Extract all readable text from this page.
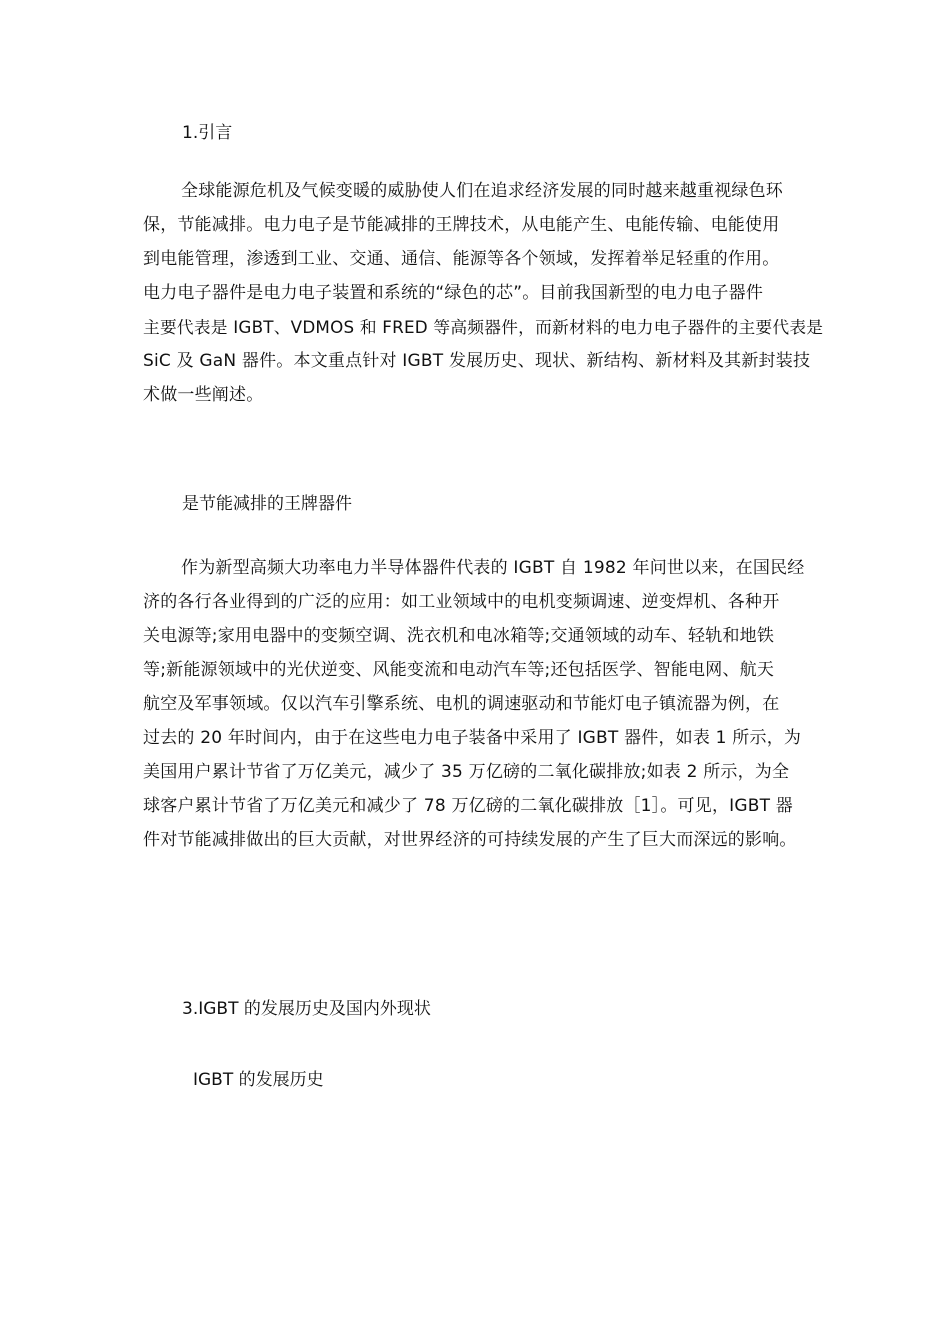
1.引言

全球能源危机及气候变暖的威胁使人们在追求经济发展的同时越来越重视绿色环
保，节能减排。电力电子是节能减排的王牌技术，从电能产生、电能传输、电能使用
到电能管理，渗透到工业、交通、通信、能源等各个领域，发挥着举足轻重的作用。
电力电子器件是电力电子装置和系统的“绿色的芯”。目前我国新型的电力电子器件
主要代表是 IGBT、VDMOS 和 FRED 等高频器件，而新材料的电力电子器件的主要代表是
SiC 及 GaN 器件。本文重点针对 IGBT 发展历史、现状、新结构、新材料及其新封装技
术做一些阐述。

是节能减排的王牌器件

作为新型高频大功率电力半导体器件代表的 IGBT 自 1982 年问世以来，在国民经
济的各行各业得到的广泛的应用：如工业领域中的电机变频调速、逆变焊机、各种开
关电源等;家用电器中的变频空调、洗衣机和电冰箱等;交通领域的动车、轻轨和地铁
等;新能源领域中的光伏逆变、风能变流和电动汽车等;还包括医学、智能电网、航天
航空及军事领域。仅以汽车引擎系统、电机的调速驱动和节能灯电子镇流器为例，在
过去的 20 年时间内，由于在这些电力电子装备中采用了 IGBT 器件，如表 1 所示，为
美国用户累计节省了万亿美元，减少了 35 万亿磅的二氧化碳排放;如表 2 所示，为全
球客户累计节省了万亿美元和减少了 78 万亿磅的二氧化碳排放［1］。可见，IGBT 器
件对节能减排做出的巨大贡献，对世界经济的可持续发展的产生了巨大而深远的影响。

3.IGBT 的发展历史及国内外现状
IGBT 的发展历史
